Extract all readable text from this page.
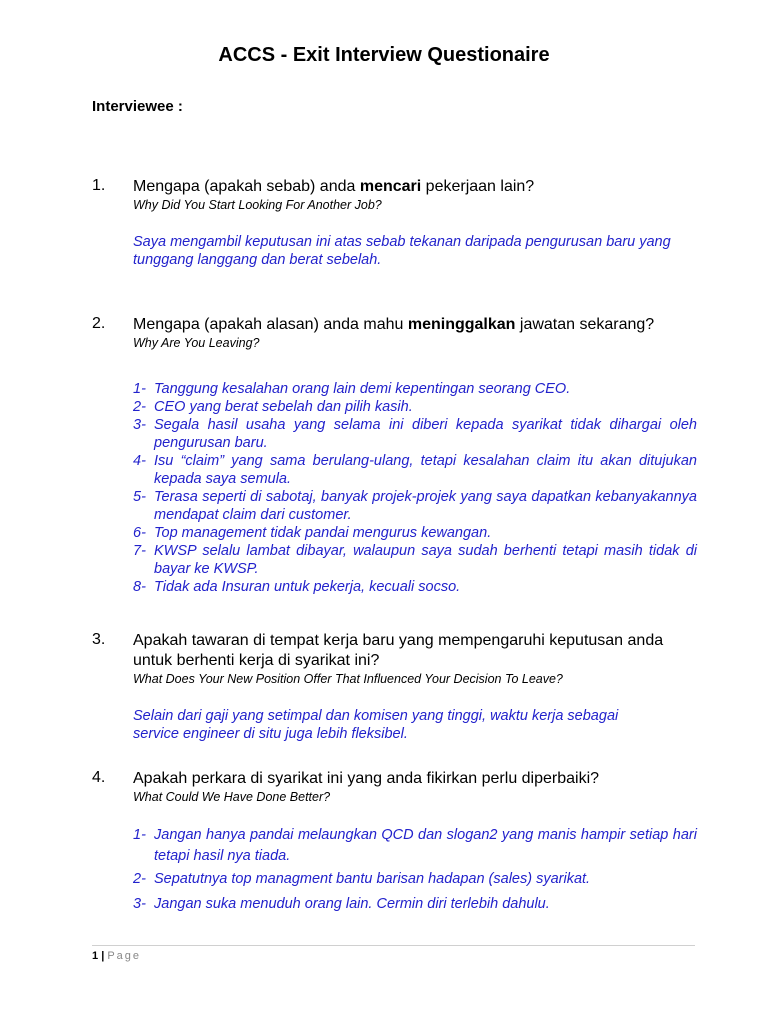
ACCS - Exit Interview Questionaire
Interviewee :
1. Mengapa (apakah sebab) anda mencari pekerjaan lain?
Why Did You Start Looking For Another Job?
Saya mengambil keputusan ini atas sebab tekanan daripada pengurusan baru yang tunggang langgang dan berat sebelah.
2. Mengapa (apakah alasan) anda mahu meninggalkan jawatan sekarang?
Why Are You Leaving?
1- Tanggung kesalahan orang lain demi kepentingan seorang CEO.
2- CEO yang berat sebelah dan pilih kasih.
3- Segala hasil usaha yang selama ini diberi kepada syarikat tidak dihargai oleh pengurusan baru.
4- Isu “claim” yang sama berulang-ulang, tetapi kesalahan claim itu akan ditujukan kepada saya semula.
5- Terasa seperti di sabotaj, banyak projek-projek yang saya dapatkan kebanyakannya mendapat claim dari customer.
6- Top management tidak pandai mengurus kewangan.
7- KWSP selalu lambat dibayar, walaupun saya sudah berhenti tetapi masih tidak di bayar ke KWSP.
8- Tidak ada Insuran untuk pekerja, kecuali socso.
3. Apakah tawaran di tempat kerja baru yang mempengaruhi keputusan anda untuk berhenti kerja di syarikat ini?
What Does Your New Position Offer That Influenced Your Decision To Leave?
Selain dari gaji yang setimpal dan komisen yang tinggi, waktu kerja sebagai service engineer di situ juga lebih fleksibel.
4. Apakah perkara di syarikat ini yang anda fikirkan perlu diperbaiki?
What Could We Have Done Better?
1- Jangan hanya pandai melaungkan QCD dan slogan2 yang manis hampir setiap hari tetapi hasil nya tiada.
2- Sepatutnya top managment bantu barisan hadapan (sales) syarikat.
3- Jangan suka menuduh orang lain. Cermin diri terlebih dahulu.
1 | Page
